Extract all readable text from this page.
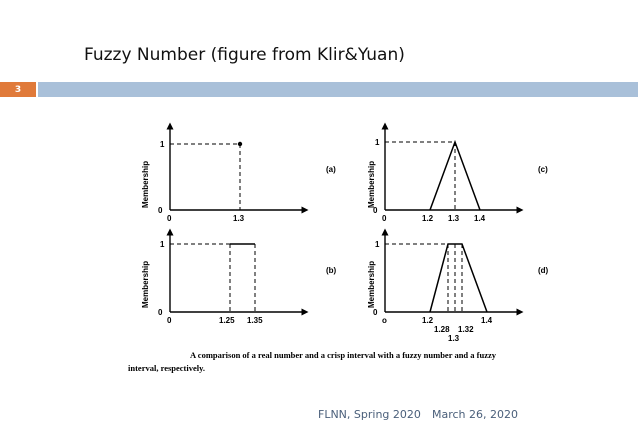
Fuzzy Number (figure from Klir&Yuan)
3
1
0
0	1.3
Membership	(a)
1
0
0	1.25 1.35
Membership	(b)
1
0
0	1.2 1.3 1.4
Membership	(c)
1
0
o	1.2	1.4
1.28 1.32
1.3
Membership	(d)
A comparison of a real number and a crisp interval with a fuzzy number and a fuzzy
interval, respectively.
FLNN, Spring 2020 March 26, 2020
